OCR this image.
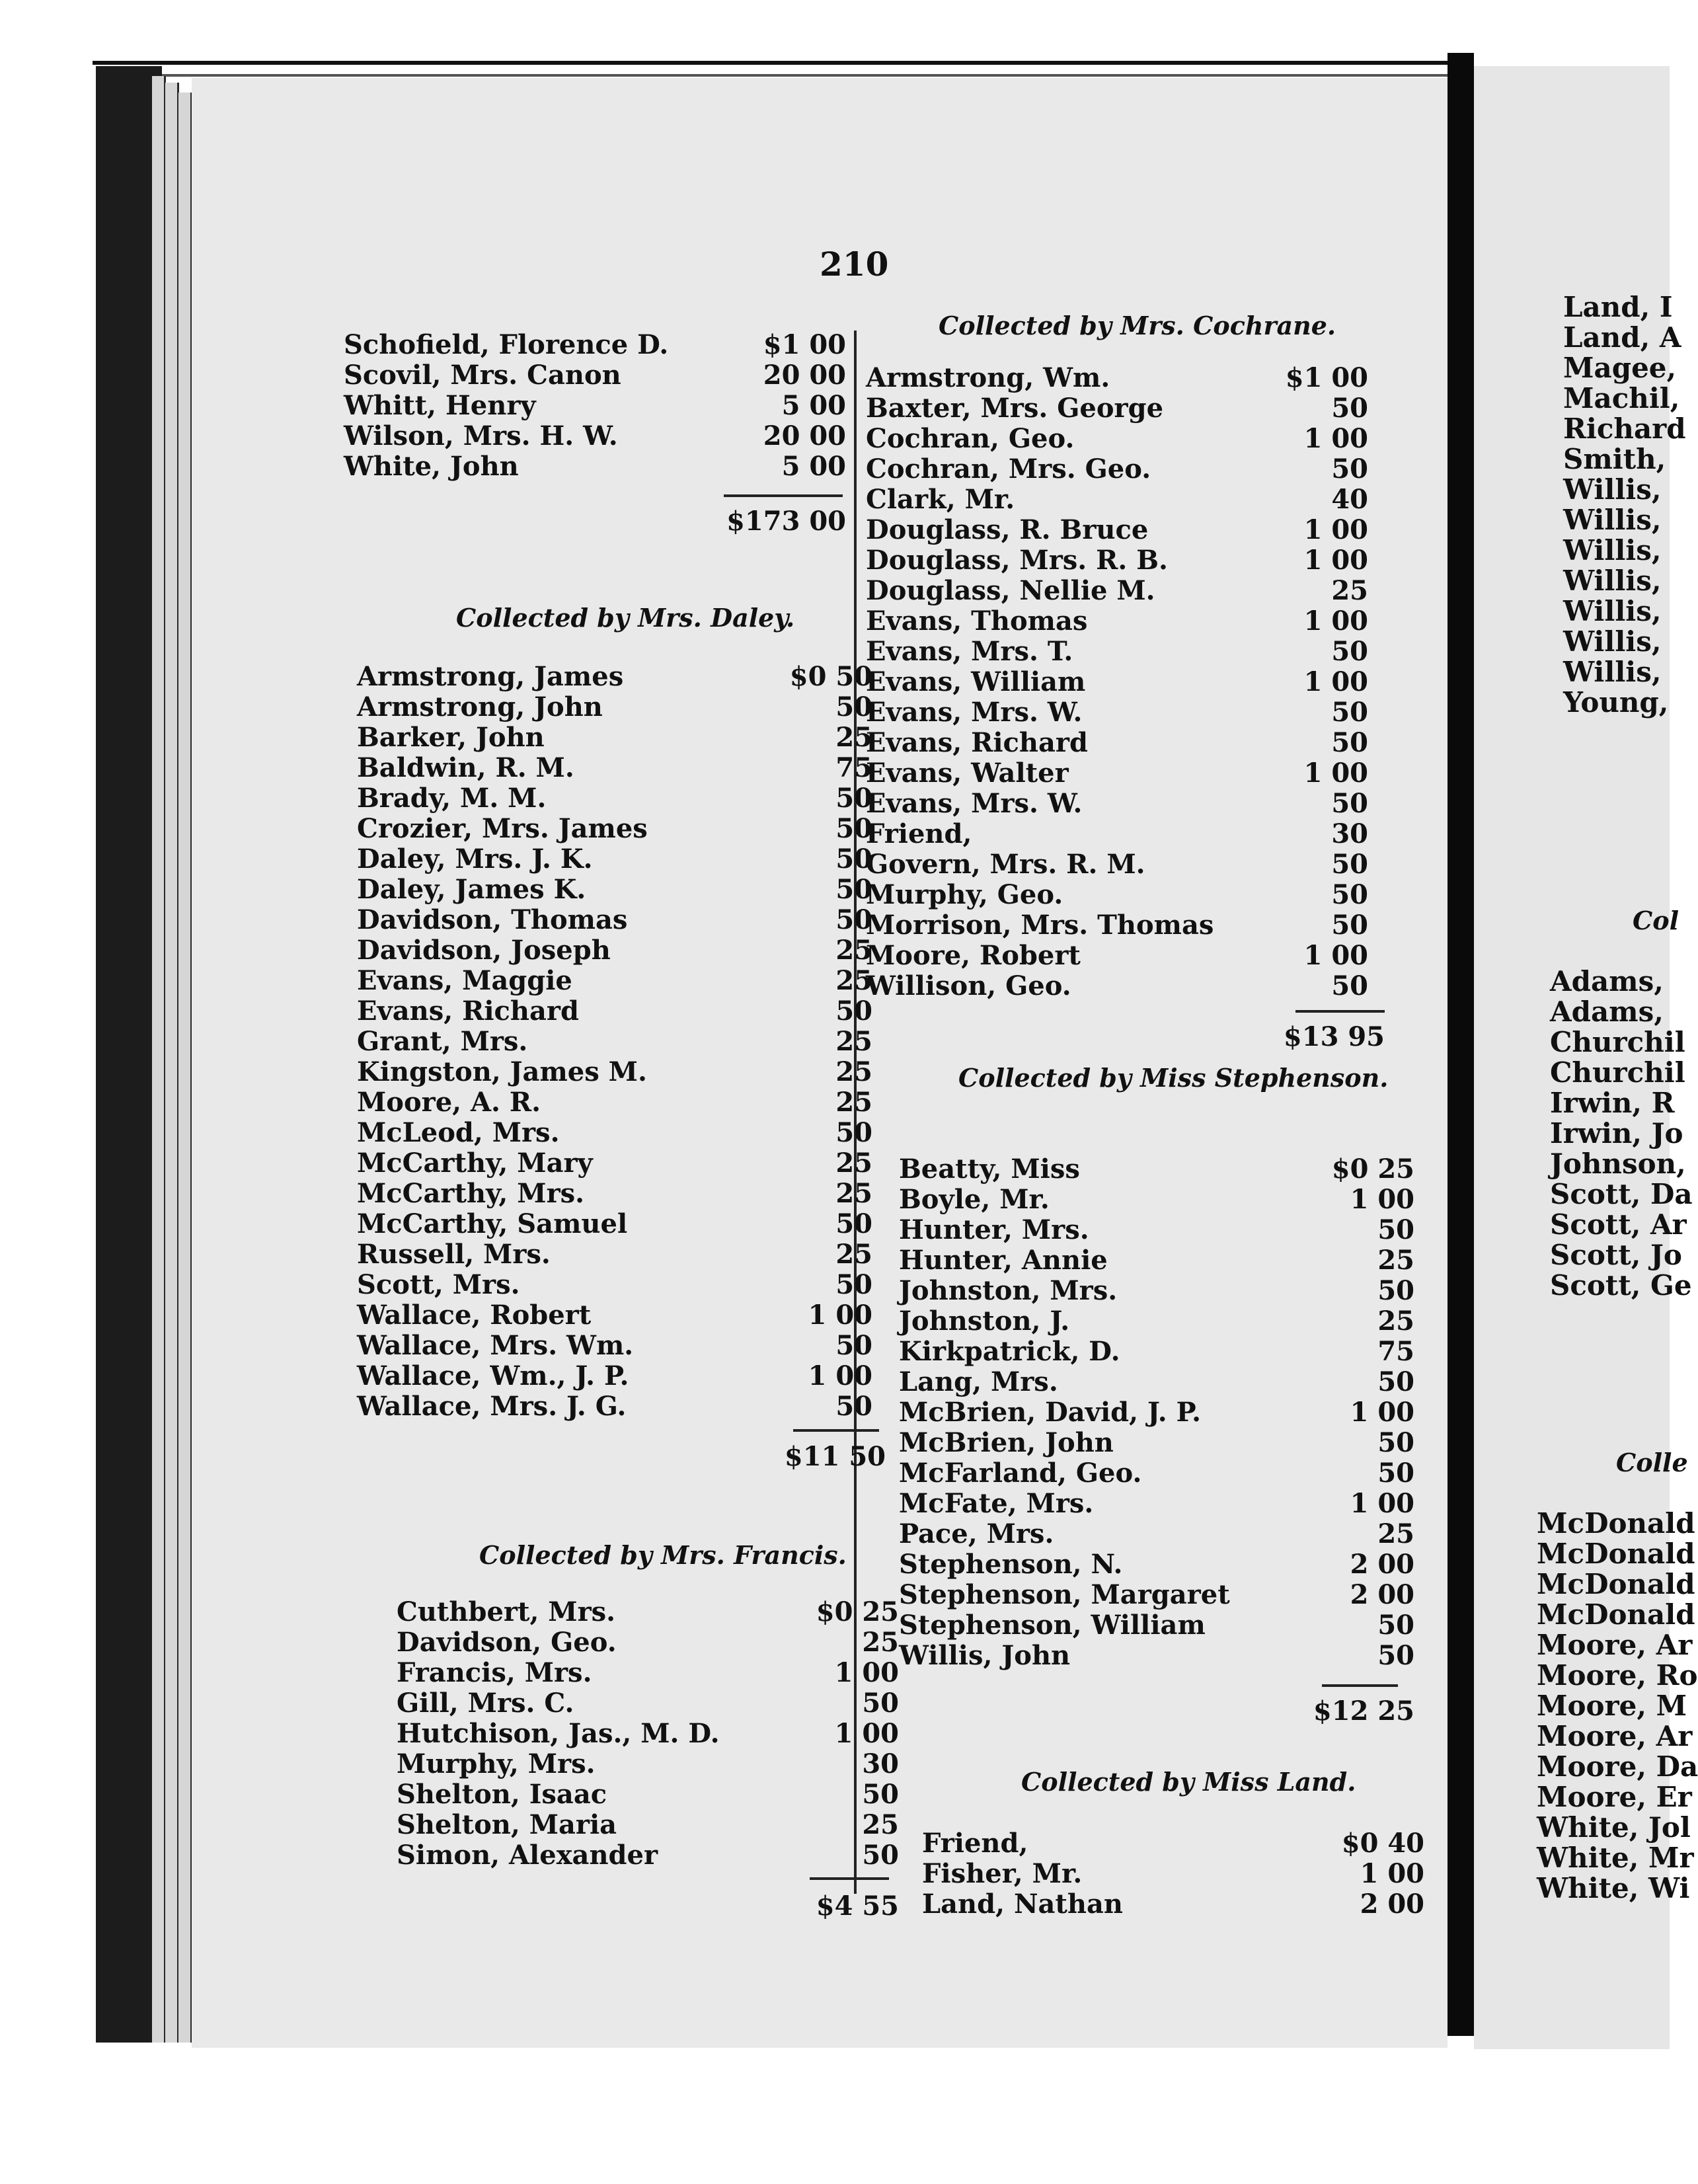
210
Schofield, Florence D.	$1 00
Scovil, Mrs. Canon	20 00
Whitt, Henry	5 00
Wilson, Mrs. H. W.	20 00
White, John	5 00
$173 00
Collected by Mrs. Daley.
Armstrong, James	$0 50
Armstrong, John	50
Barker, John	25
Baldwin, R. M.	75
Brady, M. M.	50
Crozier, Mrs. James	50
Daley, Mrs. J. K.	50
Daley, James K.	50
Davidson, Thomas	50
Davidson, Joseph	25
Evans, Maggie	25
Evans, Richard	50
Grant, Mrs.	25
Kingston, James M.	25
Moore, A. R.	25
McLeod, Mrs.	50
McCarthy, Mary	25
McCarthy, Mrs.	25
McCarthy, Samuel	50
Russell, Mrs.	25
Scott, Mrs.	50
Wallace, Robert	1 00
Wallace, Mrs. Wm.	50
Wallace, Wm., J. P.	1 00
Wallace, Mrs. J. G.	50
$11 50
Collected by Mrs. Francis.
Cuthbert, Mrs.	$0 25
Davidson, Geo.	25
Francis, Mrs.	1 00
Gill, Mrs. C.	50
Hutchison, Jas., M. D.	1 00
Murphy, Mrs.	30
Shelton, Isaac	50
Shelton, Maria	25
Simon, Alexander	50
$4 55
Collected by Mrs. Cochrane.
Armstrong, Wm.	$1 00
Baxter, Mrs. George	50
Cochran, Geo.	1 00
Cochran, Mrs. Geo.	50
Clark, Mr.	40
Douglass, R. Bruce	1 00
Douglass, Mrs. R. B.	1 00
Douglass, Nellie M.	25
Evans, Thomas	1 00
Evans, Mrs. T.	50
Evans, William	1 00
Evans, Mrs. W.	50
Evans, Richard	50
Evans, Walter	1 00
Evans, Mrs. W.	50
Friend,	30
Govern, Mrs. R. M.	50
Murphy, Geo.	50
Morrison, Mrs. Thomas	50
Moore, Robert	1 00
Willison, Geo.	50
$13 95
Collected by Miss Stephenson.
Beatty, Miss	$0 25
Boyle, Mr.	1 00
Hunter, Mrs.	50
Hunter, Annie	25
Johnston, Mrs.	50
Johnston, J.	25
Kirkpatrick, D.	75
Lang, Mrs.	50
McBrien, David, J. P.	1 00
McBrien, John	50
McFarland, Geo.	50
McFate, Mrs.	1 00
Pace, Mrs.	25
Stephenson, N.	2 00
Stephenson, Margaret	2 00
Stephenson, William	50
Willis, John	50
$12 25
Collected by Miss Land.
Friend,	$0 40
Fisher, Mr.	1 00
Land, Nathan	2 00
Land, I
Land, A
Magee,
Machil,
Richard
Smith,
Willis,
Willis,
Willis,
Willis,
Willis,
Willis,
Willis,
Young,
Col
Adams,
Adams,
Churchil
Churchil
Irwin, R
Irwin, Jo
Johnson,
Scott, Da
Scott, Ar
Scott, Jo
Scott, Ge
Colle
McDonald
McDonald
McDonald
McDonald
Moore, Ar
Moore, Ro
Moore, M
Moore, Ar
Moore, Da
Moore, Er
White, Jol
White, Mr
White, Wi
